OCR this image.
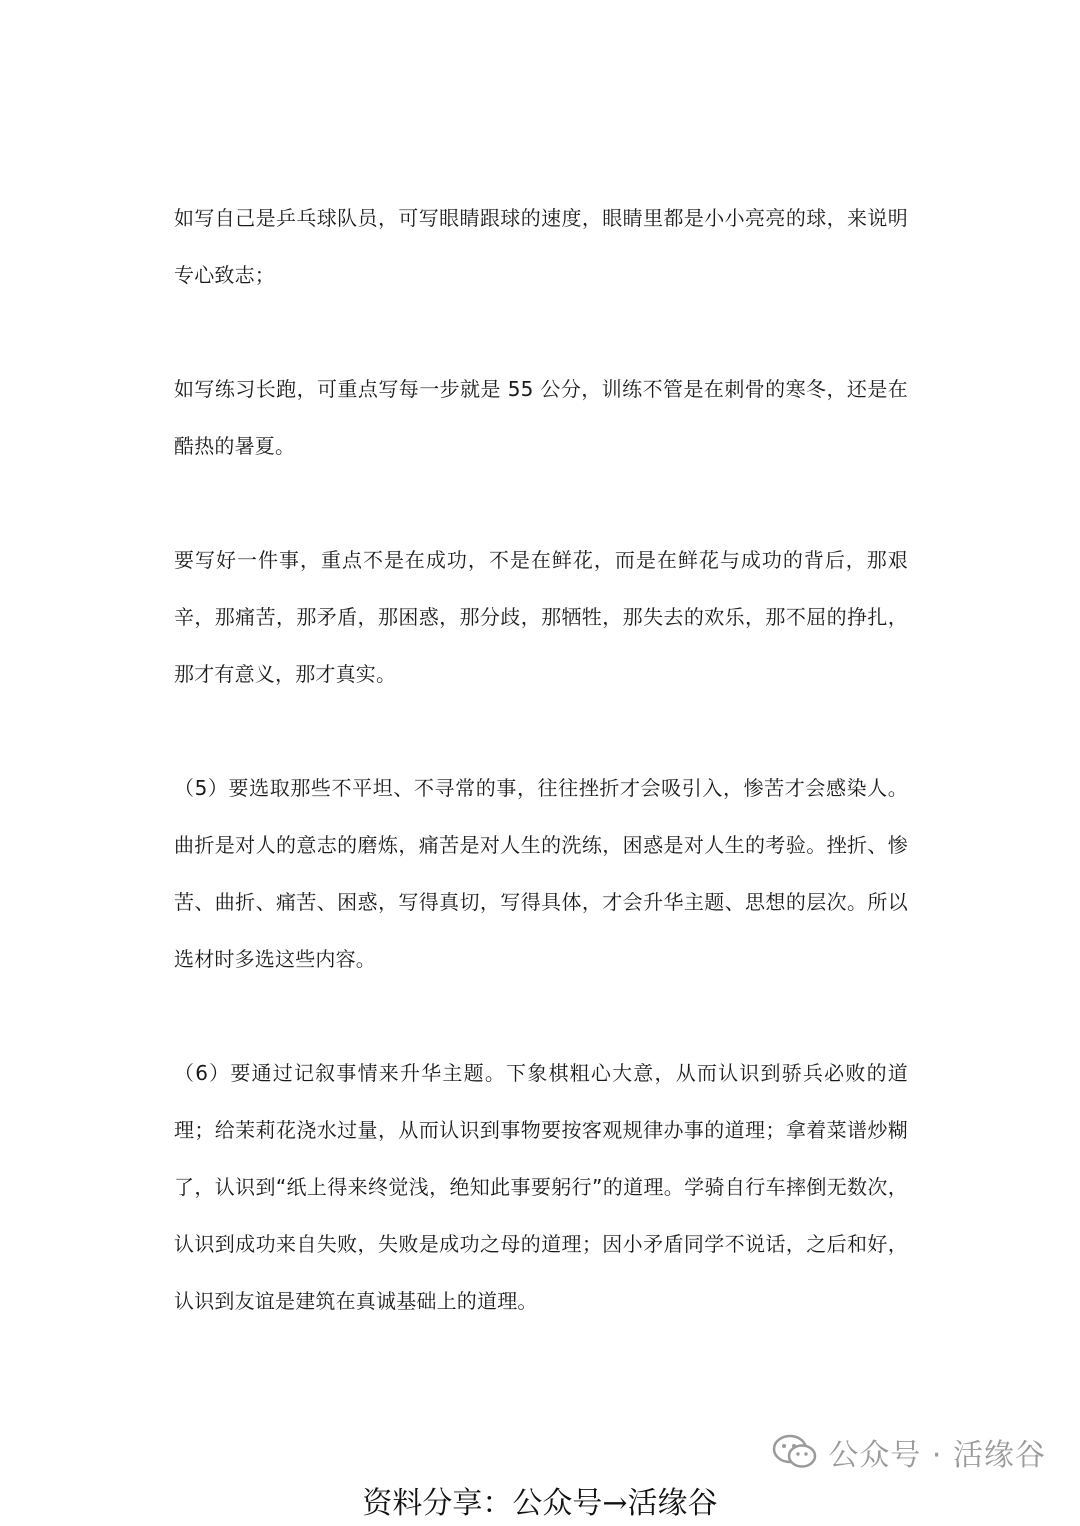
如写自己是乒乓球队员，可写眼睛跟球的速度，眼睛里都是小小亮亮的球，来说明专心致志；

如写练习长跑，可重点写每一步就是 55 公分，训练不管是在刺骨的寒冬，还是在酷热的暑夏。

要写好一件事，重点不是在成功，不是在鲜花，而是在鲜花与成功的背后，那艰辛，那痛苦，那矛盾，那困惑，那分歧，那牺牲，那失去的欢乐，那不屈的挣扎，那才有意义，那才真实。

（5）要选取那些不平坦、不寻常的事，往往挫折才会吸引入，惨苦才会感染人。曲折是对人的意志的磨炼，痛苦是对人生的洗练，困惑是对人生的考验。挫折、惨苦、曲折、痛苦、困惑，写得真切，写得具体，才会升华主题、思想的层次。所以选材时多选这些内容。

（6）要通过记叙事情来升华主题。下象棋粗心大意，从而认识到骄兵必败的道理；给茉莉花浇水过量，从而认识到事物要按客观规律办事的道理；拿着菜谱炒糊了，认识到“纸上得来终觉浅，绝知此事要躬行”的道理。学骑自行车摔倒无数次，认识到成功来自失败，失败是成功之母的道理；因小矛盾同学不说话，之后和好，认识到友谊是建筑在真诚基础上的道理。

公众号 · 活缘谷
资料分享：公众号→活缘谷
